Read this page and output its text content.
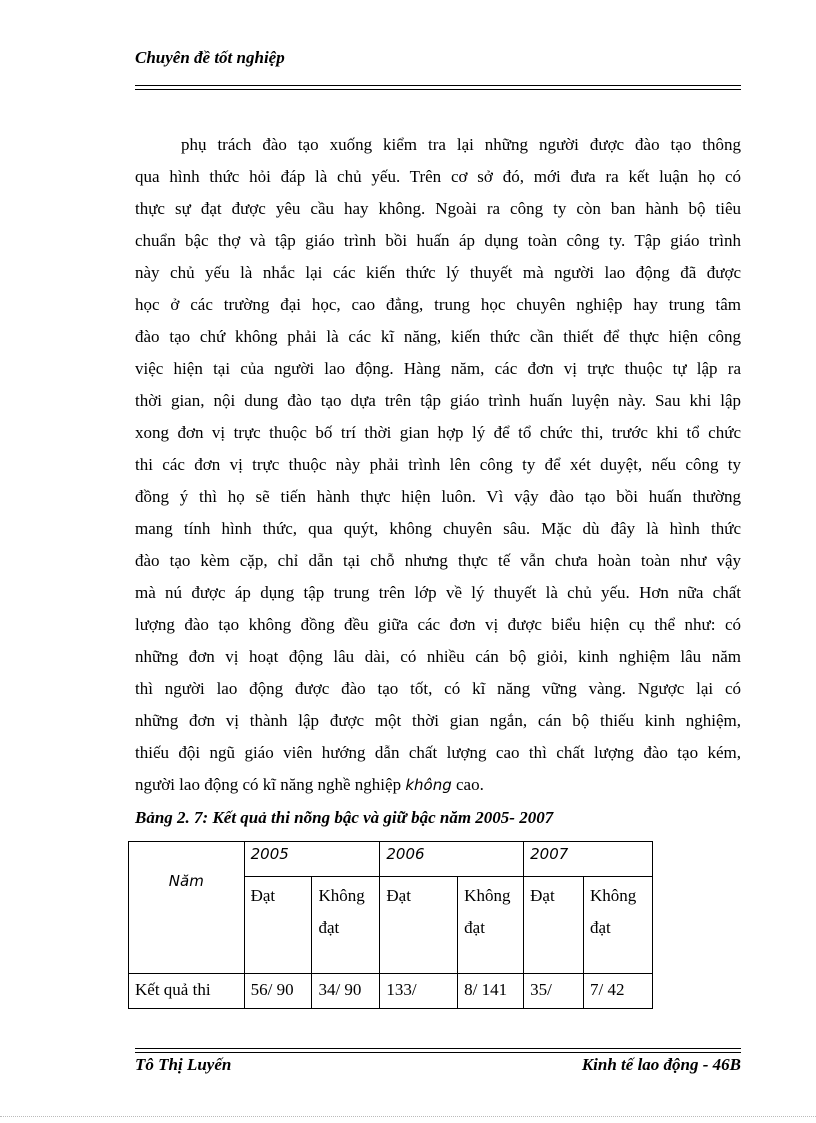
Chuyên đề tốt nghiệp
phụ trách đào tạo xuống kiểm tra lại những người được đào tạo thông
qua hình thức hỏi đáp là chủ yếu. Trên cơ sở đó, mới đưa ra kết luận họ có
thực sự đạt được yêu cầu hay không. Ngoài ra công ty còn ban hành bộ tiêu
chuẩn bậc thợ và tập giáo trình bồi huấn áp dụng toàn công ty. Tập giáo trình
này chủ yếu là nhắc lại các kiến thức lý thuyết mà người lao động đã được
học ở các trường đại học, cao đẳng, trung học chuyên nghiệp hay trung tâm
đào tạo chứ không phải là các kĩ năng, kiến thức cần thiết để thực hiện công
việc hiện tại của người lao động. Hàng năm, các đơn vị trực thuộc tự lập ra
thời gian, nội dung đào tạo dựa trên tập giáo trình huấn luyện này. Sau khi lập
xong đơn vị trực thuộc bố trí thời gian hợp lý để tổ chức thi, trước khi tổ chức
thi các đơn vị trực thuộc này phải trình lên công ty để xét duyệt, nếu công ty
đồng ý thì họ sẽ tiến hành thực hiện luôn. Vì vậy đào tạo bồi huấn thường
mang tính hình thức, qua quýt, không chuyên sâu. Mặc dù đây là hình thức
đào tạo kèm cặp, chỉ dẫn tại chỗ nhưng thực tế vẫn chưa hoàn toàn như vậy
mà nú được áp dụng tập trung trên lớp về lý thuyết là chủ yếu. Hơn nữa chất
lượng đào tạo không đồng đều giữa các đơn vị được biểu hiện cụ thể như: có
những đơn vị hoạt động lâu dài, có nhiều cán bộ giỏi, kinh nghiệm lâu năm
thì người lao động được đào tạo tốt, có kĩ năng vững vàng. Ngược lại có
những đơn vị thành lập được một thời gian ngắn, cán bộ thiếu kinh nghiệm,
thiếu đội ngũ giáo viên hướng dẫn chất lượng cao thì chất lượng đào tạo kém,
người lao động có kĩ năng nghề nghiệp không cao.
Bảng 2. 7: Kết quả thi nõng bậc và giữ bậc năm 2005- 2007
Năm	2005		2006		2007	
	Đạt	Không đạt	Đạt	Không đạt	Đạt	Không đạt
Kết quả thi	56/ 90	34/ 90	133/	8/ 141	35/	7/ 42
Tô Thị Luyến	Kinh tế lao động - 46B
